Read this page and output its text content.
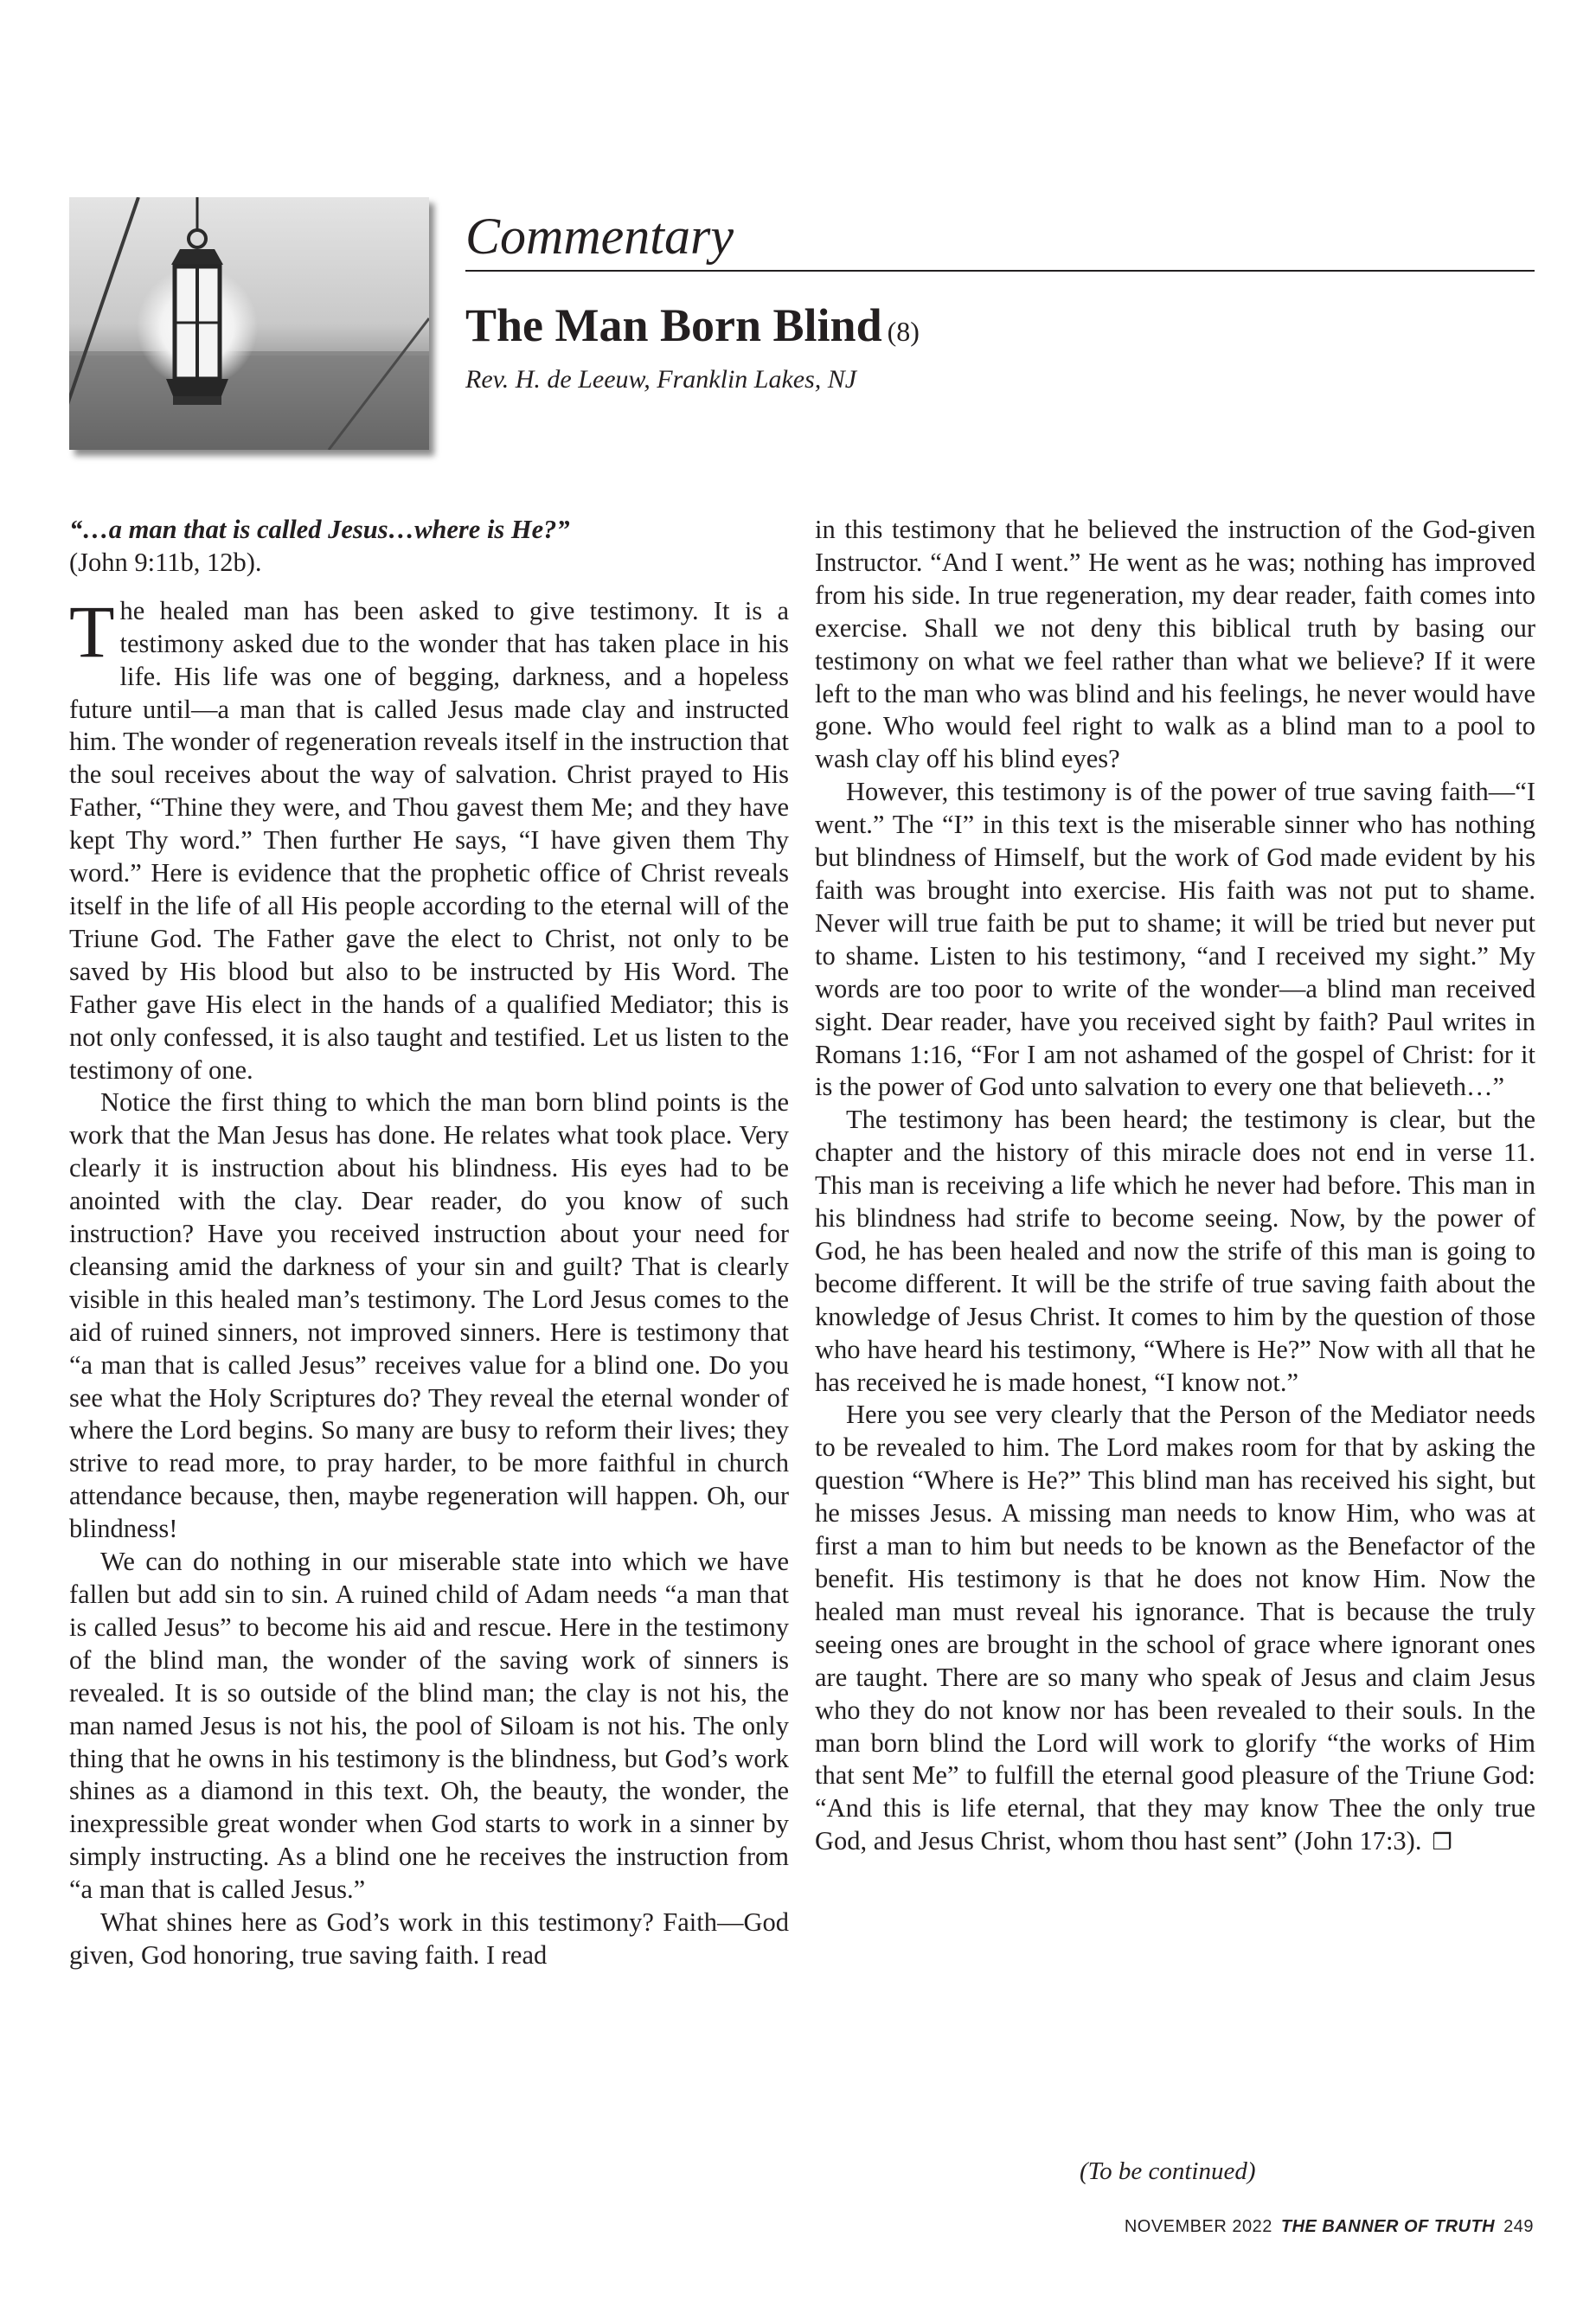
Commentary
The Man Born Blind (8)
Rev. H. de Leeuw, Franklin Lakes, NJ
“…a man that is called Jesus…where is He?”
(John 9:11b, 12b).

The healed man has been asked to give testimony. It is a testimony asked due to the wonder that has taken place in his life. His life was one of begging, darkness, and a hopeless future until—a man that is called Jesus made clay and instructed him. The wonder of regeneration reveals itself in the instruction that the soul receives about the way of salvation. Christ prayed to His Father, “Thine they were, and Thou gavest them Me; and they have kept Thy word.” Then further He says, “I have given them Thy word.” Here is evidence that the prophetic office of Christ reveals itself in the life of all His people according to the eternal will of the Triune God. The Father gave the elect to Christ, not only to be saved by His blood but also to be instructed by His Word. The Father gave His elect in the hands of a qualified Mediator; this is not only confessed, it is also taught and testified. Let us listen to the testimony of one.

Notice the first thing to which the man born blind points is the work that the Man Jesus has done. He relates what took place. Very clearly it is instruction about his blindness. His eyes had to be anointed with the clay. Dear reader, do you know of such instruction? Have you received instruction about your need for cleansing amid the darkness of your sin and guilt? That is clearly visible in this healed man’s testimony. The Lord Jesus comes to the aid of ruined sinners, not improved sinners. Here is testimony that “a man that is called Jesus” receives value for a blind one. Do you see what the Holy Scriptures do? They reveal the eternal wonder of where the Lord begins. So many are busy to reform their lives; they strive to read more, to pray harder, to be more faithful in church attendance because, then, maybe regeneration will happen. Oh, our blindness!

We can do nothing in our miserable state into which we have fallen but add sin to sin. A ruined child of Adam needs “a man that is called Jesus” to become his aid and rescue. Here in the testimony of the blind man, the wonder of the saving work of sinners is revealed. It is so outside of the blind man; the clay is not his, the man named Jesus is not his, the pool of Siloam is not his. The only thing that he owns in his testimony is the blindness, but God’s work shines as a diamond in this text. Oh, the beauty, the wonder, the inexpressible great wonder when God starts to work in a sinner by simply instructing. As a blind one he receives the instruction from “a man that is called Jesus.”

What shines here as God’s work in this testimony? Faith—God given, God honoring, true saving faith. I read

in this testimony that he believed the instruction of the God-given Instructor. “And I went.” He went as he was; nothing has improved from his side. In true regeneration, my dear reader, faith comes into exercise. Shall we not deny this biblical truth by basing our testimony on what we feel rather than what we believe? If it were left to the man who was blind and his feelings, he never would have gone. Who would feel right to walk as a blind man to a pool to wash clay off his blind eyes?

However, this testimony is of the power of true saving faith—“I went.” The “I” in this text is the miserable sinner who has nothing but blindness of Himself, but the work of God made evident by his faith was brought into exercise. His faith was not put to shame. Never will true faith be put to shame; it will be tried but never put to shame. Listen to his testimony, “and I received my sight.” My words are too poor to write of the wonder—a blind man received sight. Dear reader, have you received sight by faith? Paul writes in Romans 1:16, “For I am not ashamed of the gospel of Christ: for it is the power of God unto salvation to every one that believeth…”

The testimony has been heard; the testimony is clear, but the chapter and the history of this miracle does not end in verse 11. This man is receiving a life which he never had before. This man in his blindness had strife to become seeing. Now, by the power of God, he has been healed and now the strife of this man is going to become different. It will be the strife of true saving faith about the knowledge of Jesus Christ. It comes to him by the question of those who have heard his testimony, “Where is He?” Now with all that he has received he is made honest, “I know not.”

Here you see very clearly that the Person of the Mediator needs to be revealed to him. The Lord makes room for that by asking the question “Where is He?” This blind man has received his sight, but he misses Jesus. A missing man needs to know Him, who was at first a man to him but needs to be known as the Benefactor of the benefit. His testimony is that he does not know Him. Now the healed man must reveal his ignorance. That is because the truly seeing ones are brought in the school of grace where ignorant ones are taught. There are so many who speak of Jesus and claim Jesus who they do not know nor has been revealed to their souls. In the man born blind the Lord will work to glorify “the works of Him that sent Me” to fulfill the eternal good pleasure of the Triune God: “And this is life eternal, that they may know Thee the only true God, and Jesus Christ, whom thou hast sent” (John 17:3). ❐

(To be continued)
NOVEMBER 2022 THE BANNER OF TRUTH 249
